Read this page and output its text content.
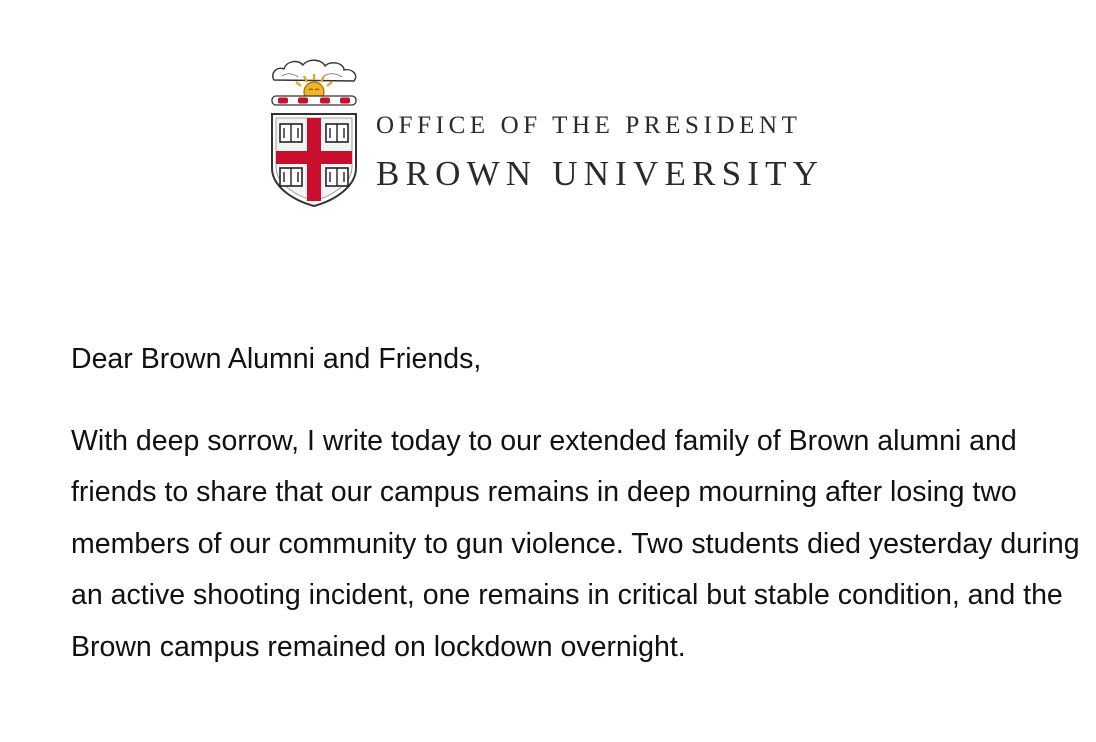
OFFICE OF THE PRESIDENT
BROWN UNIVERSITY

Dear Brown Alumni and Friends,

With deep sorrow, I write today to our extended family of Brown alumni and friends to share that our campus remains in deep mourning after losing two members of our community to gun violence. Two students died yesterday during an active shooting incident, one remains in critical but stable condition, and the Brown campus remained on lockdown overnight.
